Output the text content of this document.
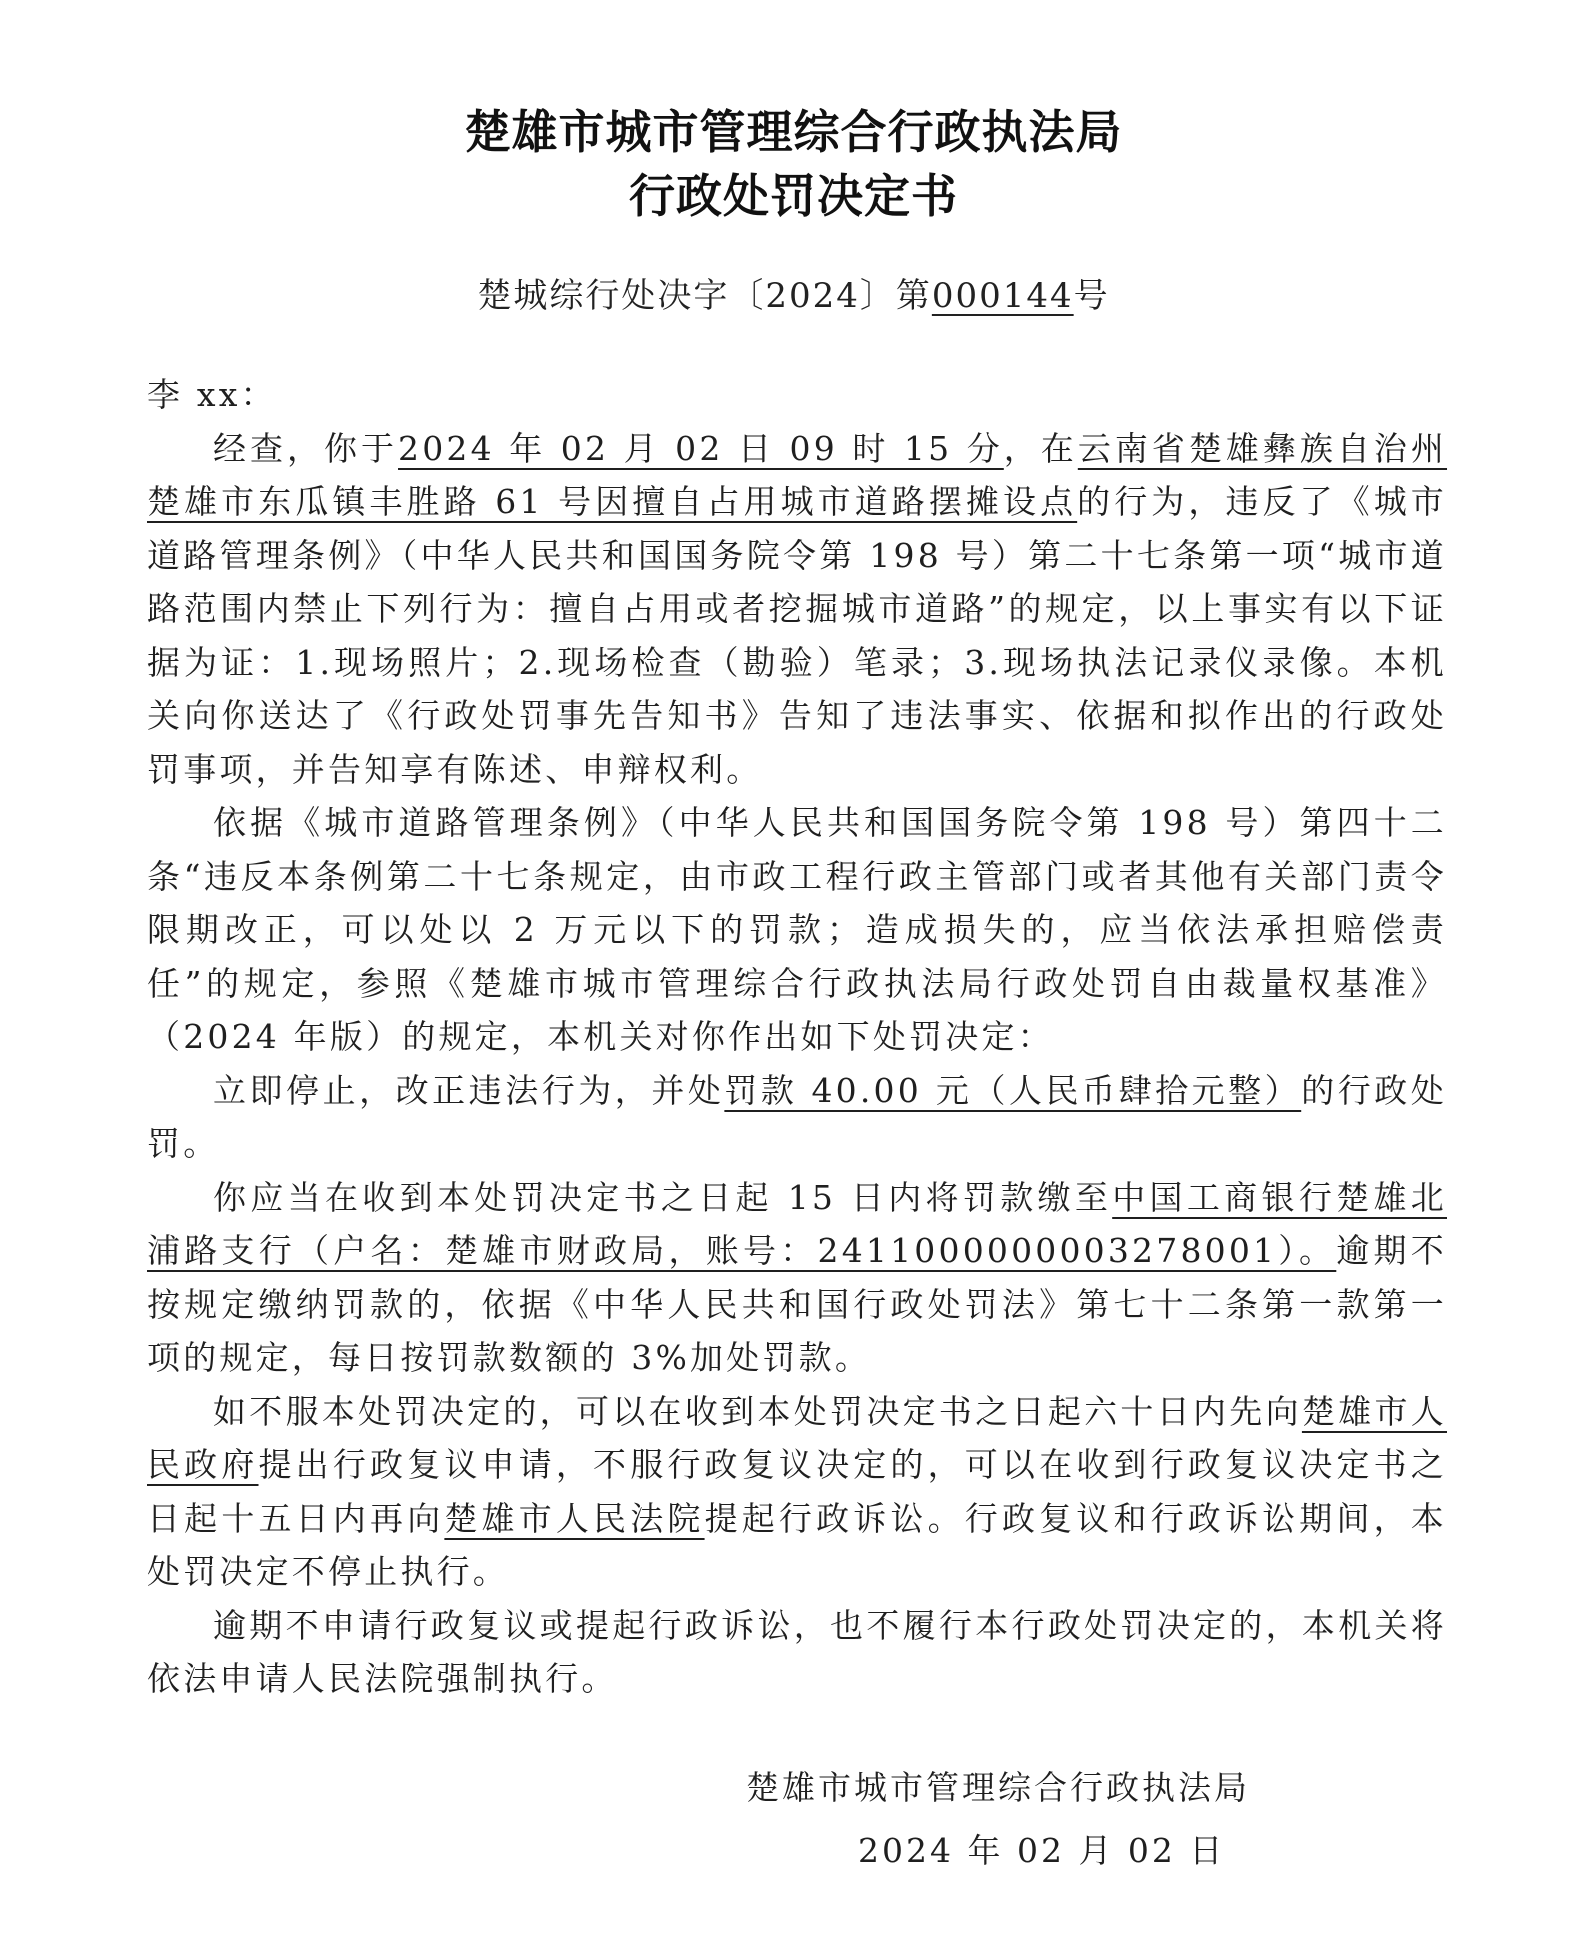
楚雄市城市管理综合行政执法局
行政处罚决定书
楚城综行处决字〔2024〕第000144号

李 xx：

经查，你于2024 年 02 月 02 日 09 时 15 分，在云南省楚雄彝族自治州楚雄市东瓜镇丰胜路 61 号因擅自占用城市道路摆摊设点的行为，违反了《城市道路管理条例》（中华人民共和国国务院令第 198 号）第二十七条第一项“城市道路范围内禁止下列行为：擅自占用或者挖掘城市道路”的规定，以上事实有以下证据为证：1.现场照片；2.现场检查（勘验）笔录；3.现场执法记录仪录像。本机关向你送达了《行政处罚事先告知书》告知了违法事实、依据和拟作出的行政处罚事项，并告知享有陈述、申辩权利。

依据《城市道路管理条例》（中华人民共和国国务院令第 198 号）第四十二条“违反本条例第二十七条规定，由市政工程行政主管部门或者其他有关部门责令限期改正，可以处以 2 万元以下的罚款；造成损失的，应当依法承担赔偿责任”的规定，参照《楚雄市城市管理综合行政执法局行政处罚自由裁量权基准》（2024 年版）的规定，本机关对你作出如下处罚决定：

立即停止，改正违法行为，并处罚款 40.00 元（人民币肆拾元整）的行政处罚。

你应当在收到本处罚决定书之日起 15 日内将罚款缴至中国工商银行楚雄北浦路支行（户名：楚雄市财政局，账号：2411000000003278001）。逾期不按规定缴纳罚款的，依据《中华人民共和国行政处罚法》第七十二条第一款第一项的规定，每日按罚款数额的 3%加处罚款。

如不服本处罚决定的，可以在收到本处罚决定书之日起六十日内先向楚雄市人民政府提出行政复议申请，不服行政复议决定的，可以在收到行政复议决定书之日起十五日内再向楚雄市人民法院提起行政诉讼。行政复议和行政诉讼期间，本处罚决定不停止执行。

逾期不申请行政复议或提起行政诉讼，也不履行本行政处罚决定的，本机关将依法申请人民法院强制执行。

楚雄市城市管理综合行政执法局
2024 年 02 月 02 日
